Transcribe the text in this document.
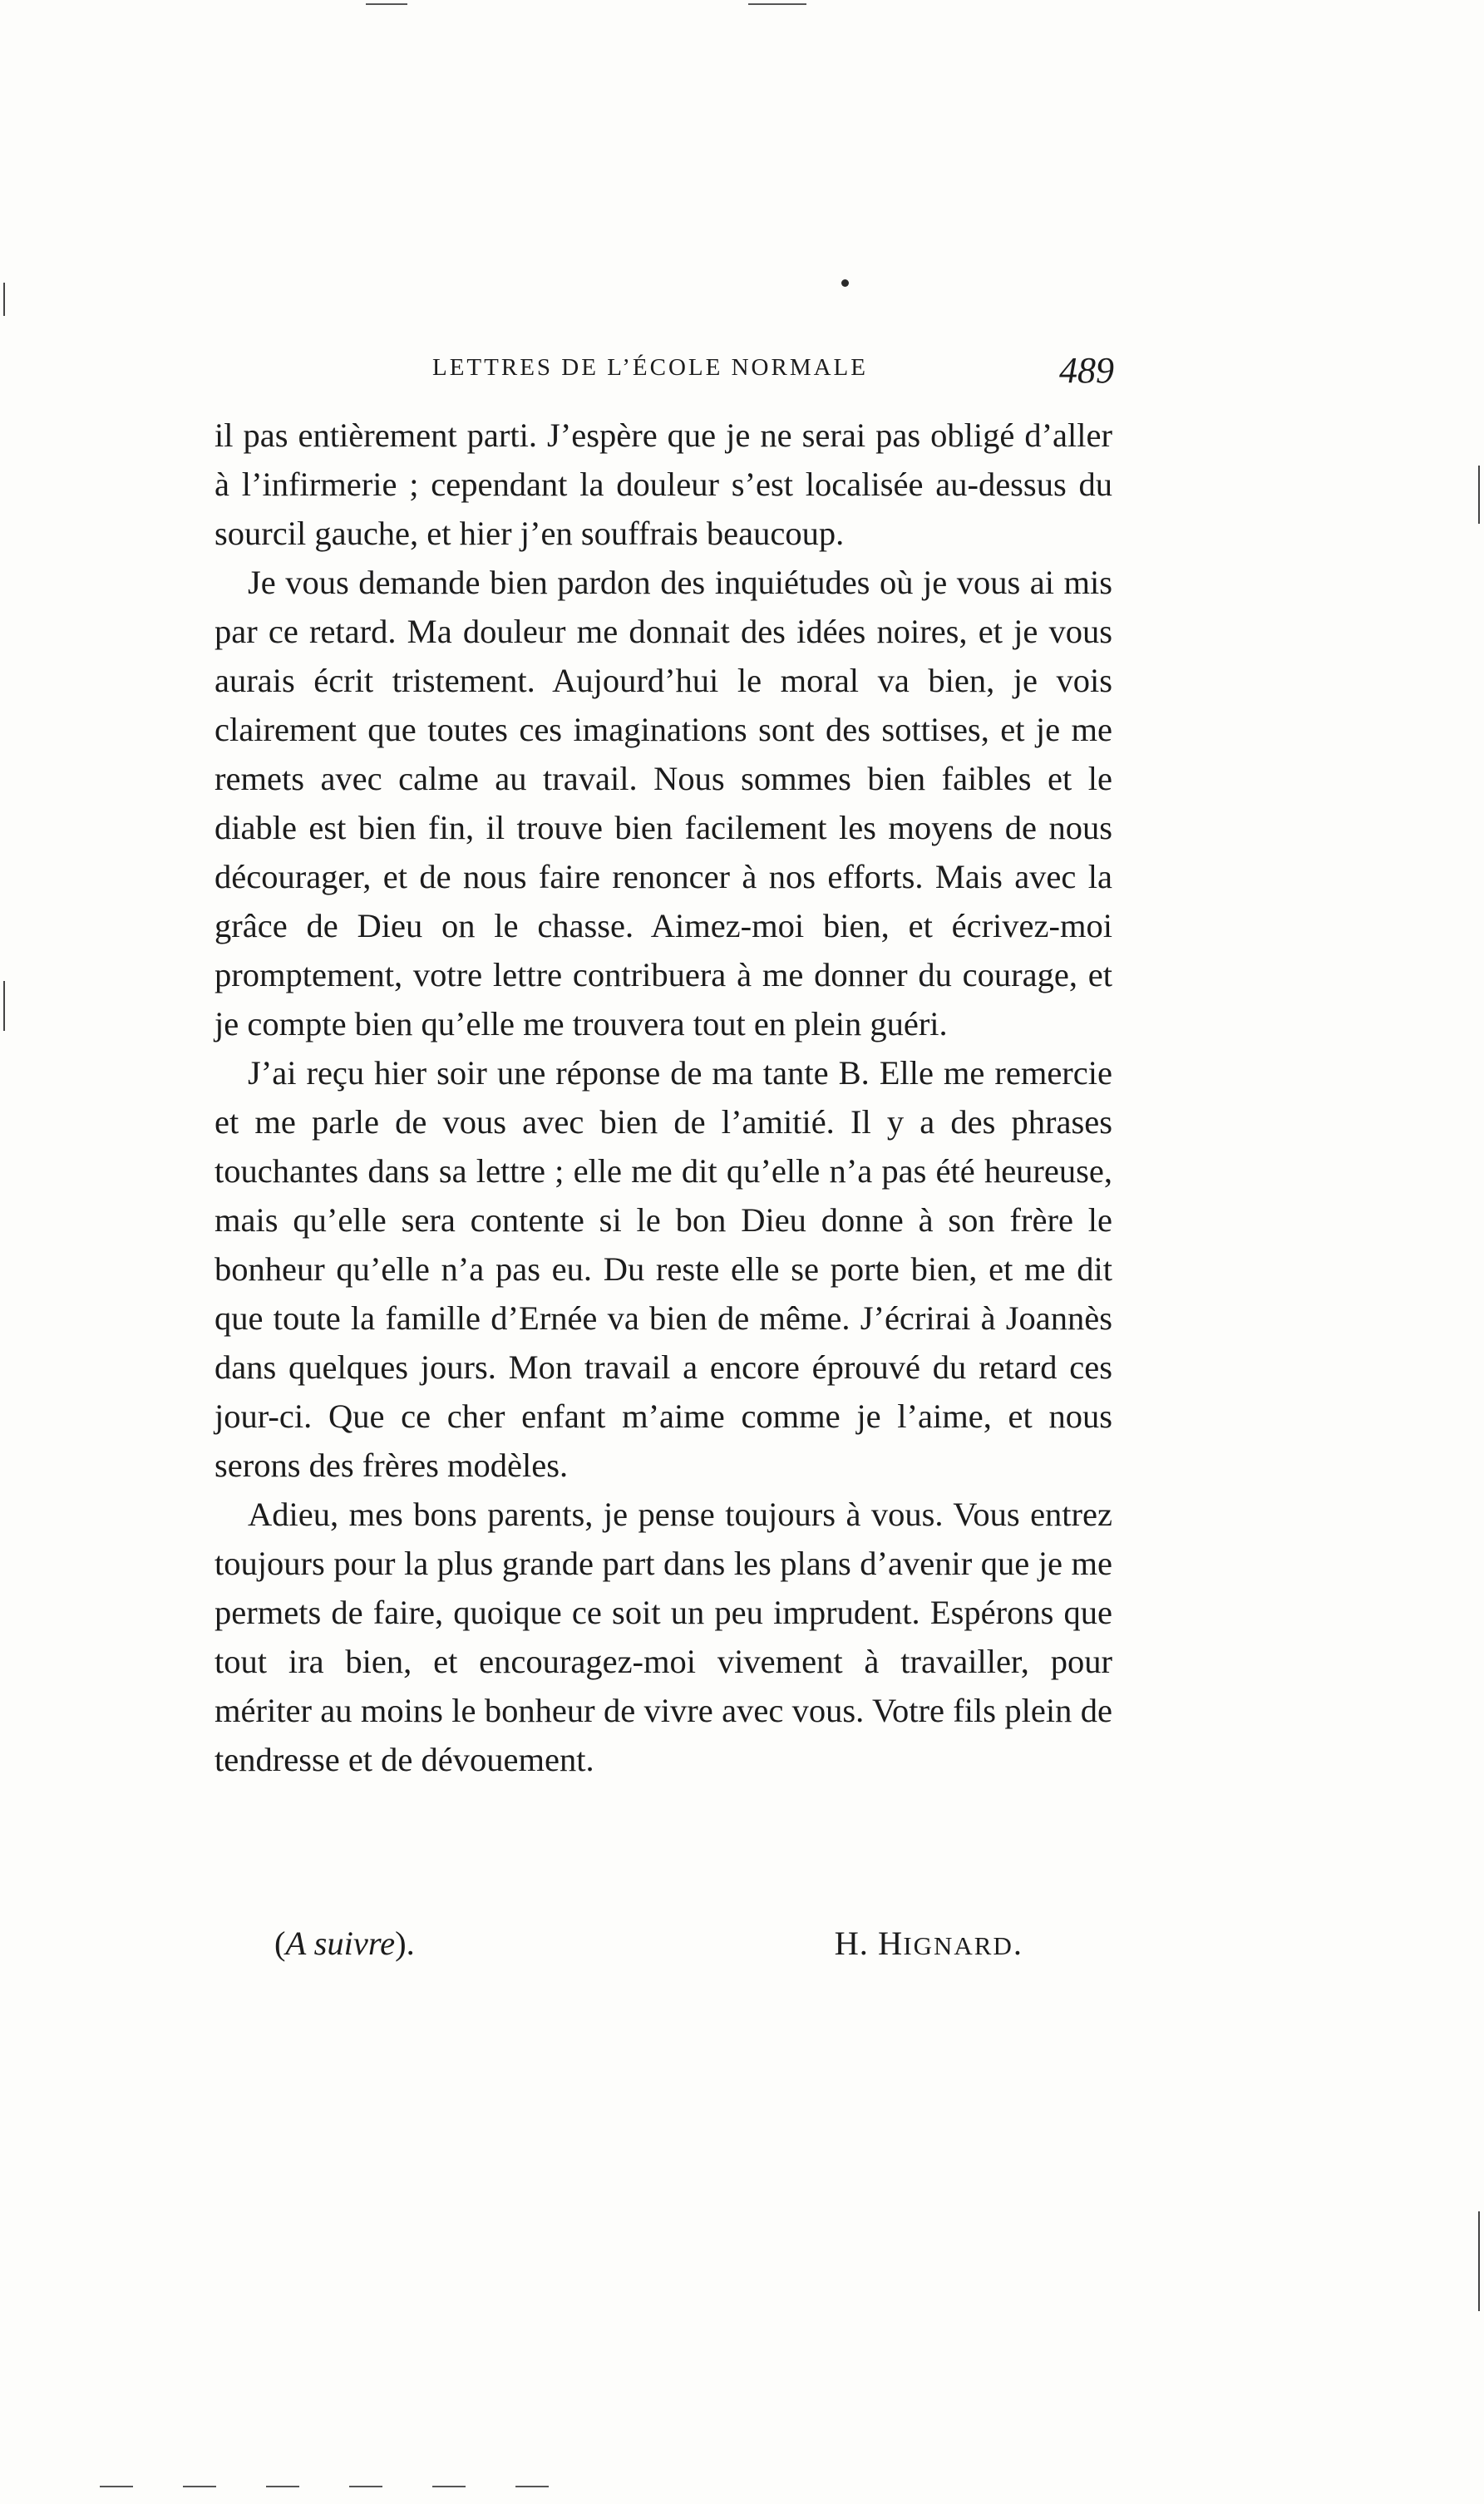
LETTRES DE L’ÉCOLE NORMALE	489

il pas entièrement parti. J’espère que je ne serai pas obligé d’aller à l’infirmerie ; cependant la douleur s’est localisée au-dessus du sourcil gauche, et hier j’en souffrais beaucoup.

Je vous demande bien pardon des inquiétudes où je vous ai mis par ce retard. Ma douleur me donnait des idées noires, et je vous aurais écrit tristement. Aujourd’hui le moral va bien, je vois clairement que toutes ces imaginations sont des sottises, et je me remets avec calme au travail. Nous sommes bien faibles et le diable est bien fin, il trouve bien facilement les moyens de nous décourager, et de nous faire renoncer à nos efforts. Mais avec la grâce de Dieu on le chasse. Aimez-moi bien, et écrivez-moi promptement, votre lettre contribuera à me donner du courage, et je compte bien qu’elle me trouvera tout en plein guéri.

J’ai reçu hier soir une réponse de ma tante B. Elle me remercie et me parle de vous avec bien de l’amitié. Il y a des phrases touchantes dans sa lettre ; elle me dit qu’elle n’a pas été heureuse, mais qu’elle sera contente si le bon Dieu donne à son frère le bonheur qu’elle n’a pas eu. Du reste elle se porte bien, et me dit que toute la famille d’Ernée va bien de même. J’écrirai à Joannès dans quelques jours. Mon travail a encore éprouvé du retard ces jour-ci. Que ce cher enfant m’aime comme je l’aime, et nous serons des frères modèles.

Adieu, mes bons parents, je pense toujours à vous. Vous entrez toujours pour la plus grande part dans les plans d’avenir que je me permets de faire, quoique ce soit un peu imprudent. Espérons que tout ira bien, et encouragez-moi vivement à travailler, pour mériter au moins le bonheur de vivre avec vous. Votre fils plein de tendresse et de dévouement.

(A suivre).	H. HIGNARD.
